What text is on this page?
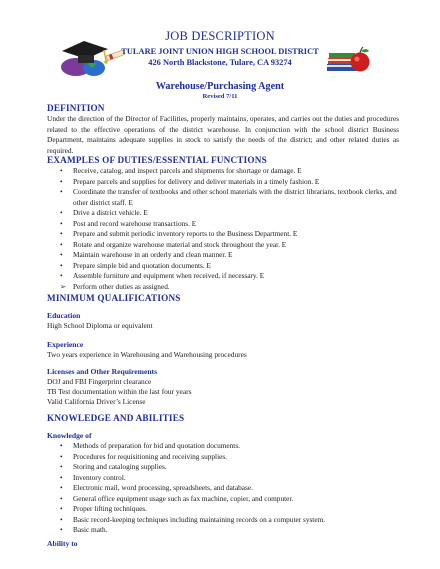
JOB DESCRIPTION
TULARE JOINT UNION HIGH SCHOOL DISTRICT
426 North Blackstone, Tulare, CA 93274
Warehouse/Purchasing Agent
Revised 7/11
DEFINITION
Under the direction of the Director of Facilities, properly maintains, operates, and carries out the duties and procedures related to the effective operations of the district warehouse. In conjunction with the school district Business Department, maintains adequate supplies in stock to satisfy the needs of the district; and other related duties as required.
EXAMPLES OF DUTIES/ESSENTIAL FUNCTIONS
• Receive, catalog, and inspect parcels and shipments for shortage or damage. E
• Prepare parcels and supplies for delivery and deliver materials in a timely fashion. E
• Coordinate the transfer of textbooks and other school materials with the district librarians, textbook clerks, and other district staff. E
• Drive a district vehicle. E
• Post and record warehouse transactions. E
• Prepare and submit periodic inventory reports to the Business Department. E
• Rotate and organize warehouse material and stock throughout the year. E
• Maintain warehouse in an orderly and clean manner. E
• Prepare simple bid and quotation documents. E
• Assemble furniture and equipment when received, if necessary. E
➢ Perform other duties as assigned.
MINIMUM QUALIFICATIONS
Education
High School Diploma or equivalent
Experience
Two years experience in Warehousing and Warehousing procedures
Licenses and Other Requirements
DOJ and FBI Fingerprint clearance
TB Test documentation within the last four years
Valid California Driver’s License
KNOWLEDGE AND ABILITIES
Knowledge of
• Methods of preparation for bid and quotation documents.
• Procedures for requisitioning and receiving supplies.
• Storing and cataloging supplies.
• Inventory control.
• Electronic mail, word processing, spreadsheets, and database.
• General office equipment usage such as fax machine, copier, and computer.
• Proper lifting techniques.
• Basic record-keeping techniques including maintaining records on a computer system.
• Basic math.
Ability to
